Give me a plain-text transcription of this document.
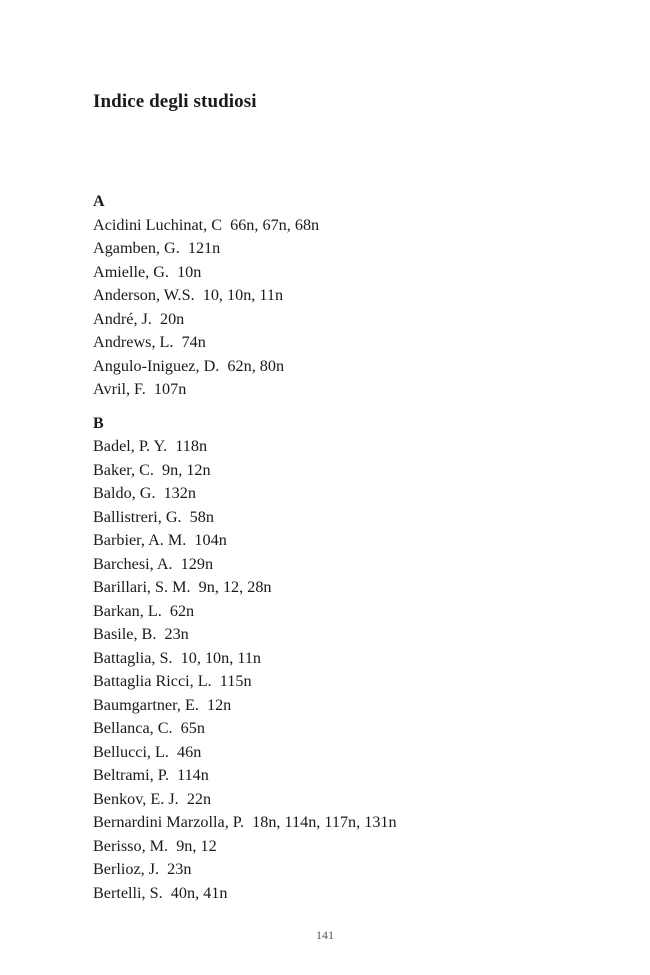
Indice degli studiosi
A
Acidini Luchinat, C  66n, 67n, 68n
Agamben, G.  121n
Amielle, G.  10n
Anderson, W.S.  10, 10n, 11n
André, J.  20n
Andrews, L.  74n
Angulo-Iniguez, D.  62n, 80n
Avril, F.  107n
B
Badel, P. Y.  118n
Baker, C.  9n, 12n
Baldo, G.  132n
Ballistreri, G.  58n
Barbier, A. M.  104n
Barchesi, A.  129n
Barillari, S. M.  9n, 12, 28n
Barkan, L.  62n
Basile, B.  23n
Battaglia, S.  10, 10n, 11n
Battaglia Ricci, L.  115n
Baumgartner, E.  12n
Bellanca, C.  65n
Bellucci, L.  46n
Beltrami, P.  114n
Benkov, E. J.  22n
Bernardini Marzolla, P.  18n, 114n, 117n, 131n
Berisso, M.  9n, 12
Berlioz, J.  23n
Bertelli, S.  40n, 41n
141
